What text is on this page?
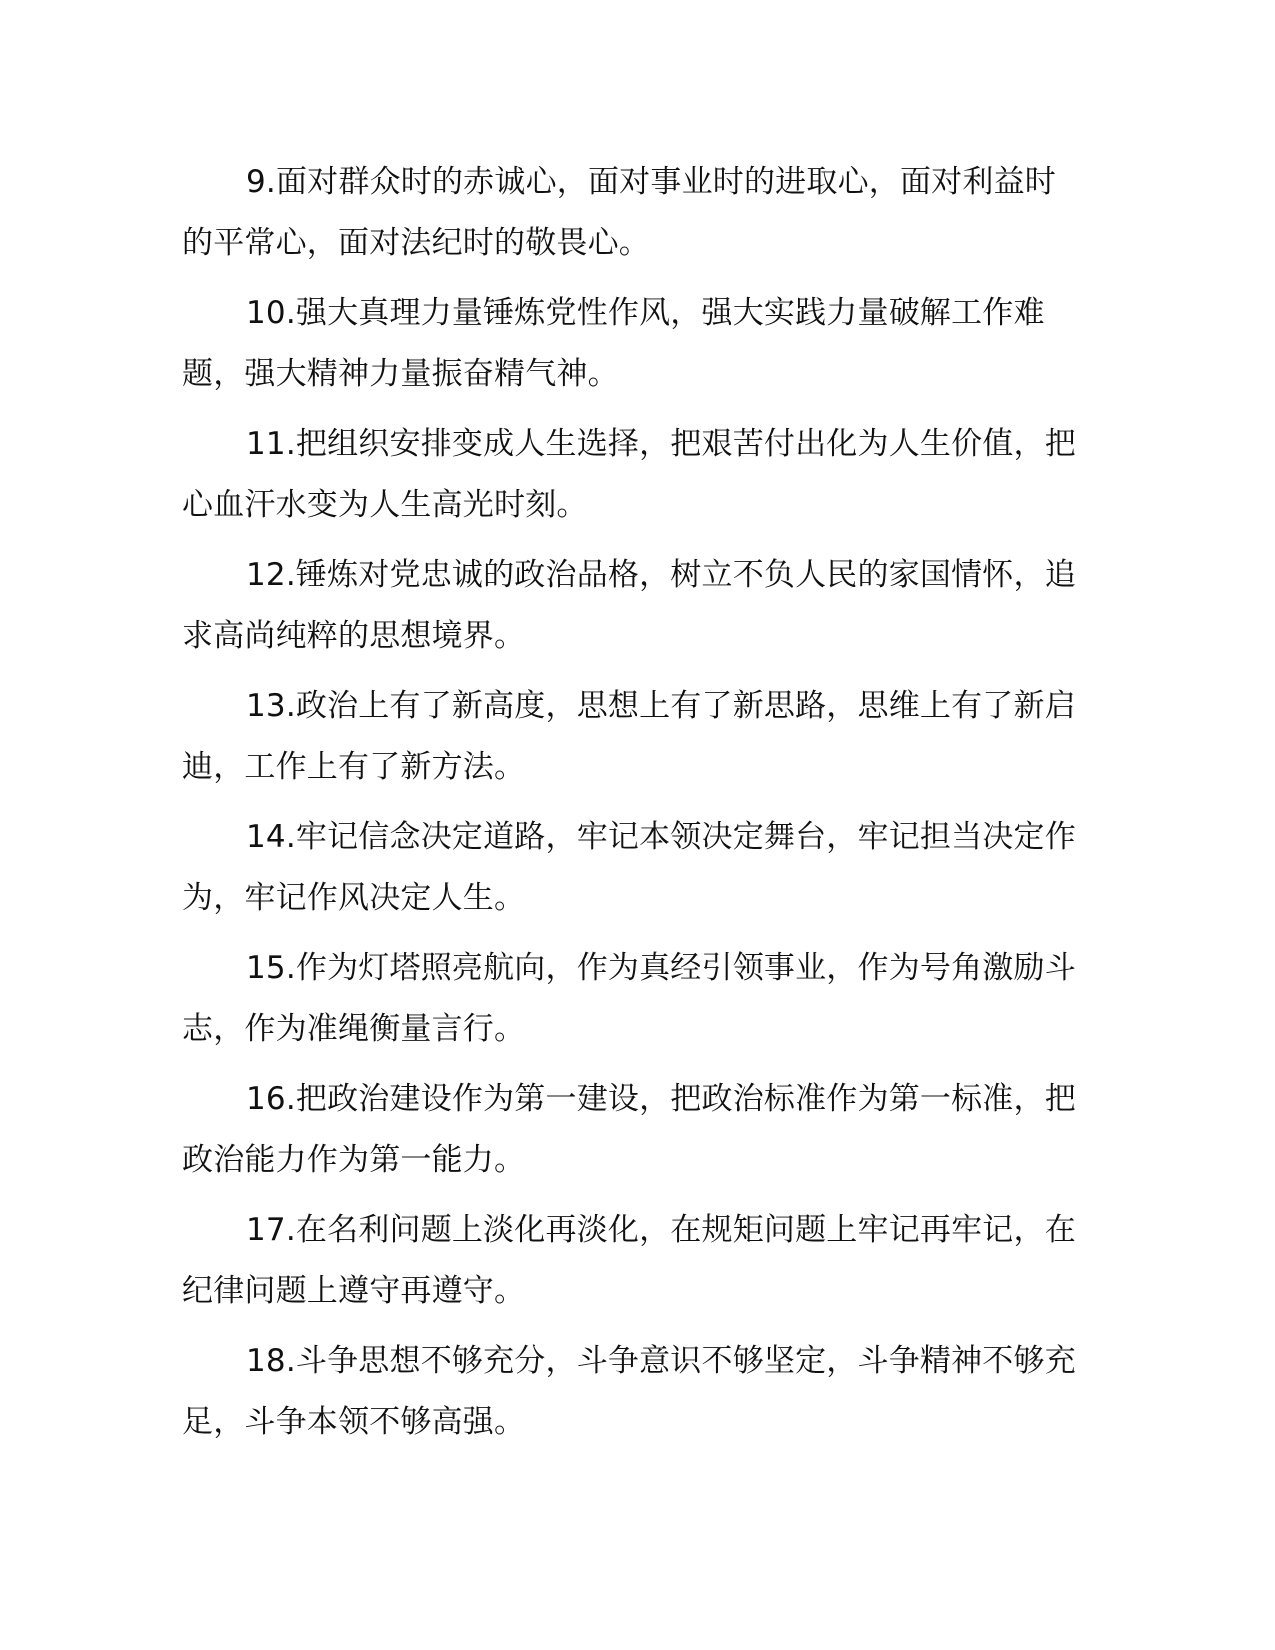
9.面对群众时的赤诚心，面对事业时的进取心，面对利益时的平常心，面对法纪时的敬畏心。

10.强大真理力量锤炼党性作风，强大实践力量破解工作难题，强大精神力量振奋精气神。

11.把组织安排变成人生选择，把艰苦付出化为人生价值，把心血汗水变为人生高光时刻。

12.锤炼对党忠诚的政治品格，树立不负人民的家国情怀，追求高尚纯粹的思想境界。

13.政治上有了新高度，思想上有了新思路，思维上有了新启迪，工作上有了新方法。

14.牢记信念决定道路，牢记本领决定舞台，牢记担当决定作为，牢记作风决定人生。

15.作为灯塔照亮航向，作为真经引领事业，作为号角激励斗志，作为准绳衡量言行。

16.把政治建设作为第一建设，把政治标准作为第一标准，把政治能力作为第一能力。

17.在名利问题上淡化再淡化，在规矩问题上牢记再牢记，在纪律问题上遵守再遵守。

18.斗争思想不够充分，斗争意识不够坚定，斗争精神不够充足，斗争本领不够高强。
